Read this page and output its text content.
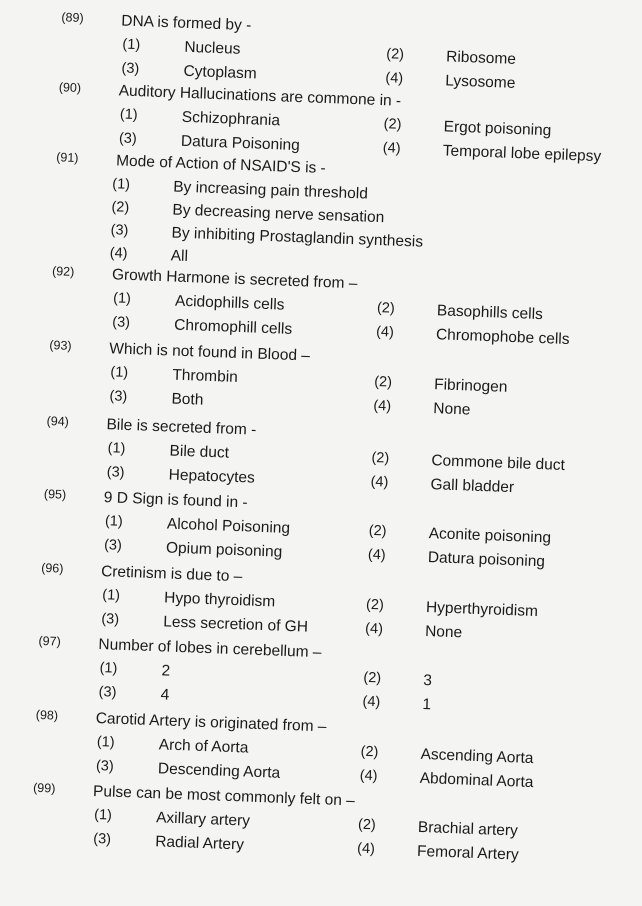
(89) DNA is formed by -
(1)	Nucleus	(2)	Ribosome
(3)	Cytoplasm	(4)	Lysosome
(90) Auditory Hallucinations are commone in -
(1)	Schizophrania	(2)	Ergot poisoning
(3)	Datura Poisoning	(4)	Temporal lobe epilepsy
(91) Mode of Action of NSAID'S is -
(1)	By increasing pain threshold
(2)	By decreasing nerve sensation
(3)	By inhibiting Prostaglandin synthesis
(4)	All
(92) Growth Harmone is secreted from –
(1)	Acidophills cells	(2)	Basophills cells
(3)	Chromophill cells	(4)	Chromophobe cells
(93) Which is not found in Blood –
(1)	Thrombin	(2)	Fibrinogen
(3)	Both	(4)	None
(94) Bile is secreted from -
(1)	Bile duct	(2)	Commone bile duct
(3)	Hepatocytes	(4)	Gall bladder
(95) 9 D Sign is found in -
(1)	Alcohol Poisoning	(2)	Aconite poisoning
(3)	Opium poisoning	(4)	Datura poisoning
(96) Cretinism is due to –
(1)	Hypo thyroidism	(2)	Hyperthyroidism
(3)	Less secretion of GH	(4)	None
(97) Number of lobes in cerebellum –
(1)	2	(2)	3
(3)	4	(4)	1
(98) Carotid Artery is originated from –
(1)	Arch of Aorta	(2)	Ascending Aorta
(3)	Descending Aorta	(4)	Abdominal Aorta
(99) Pulse can be most commonly felt on –
(1)	Axillary artery	(2)	Brachial artery
(3)	Radial Artery	(4)	Femoral Artery
